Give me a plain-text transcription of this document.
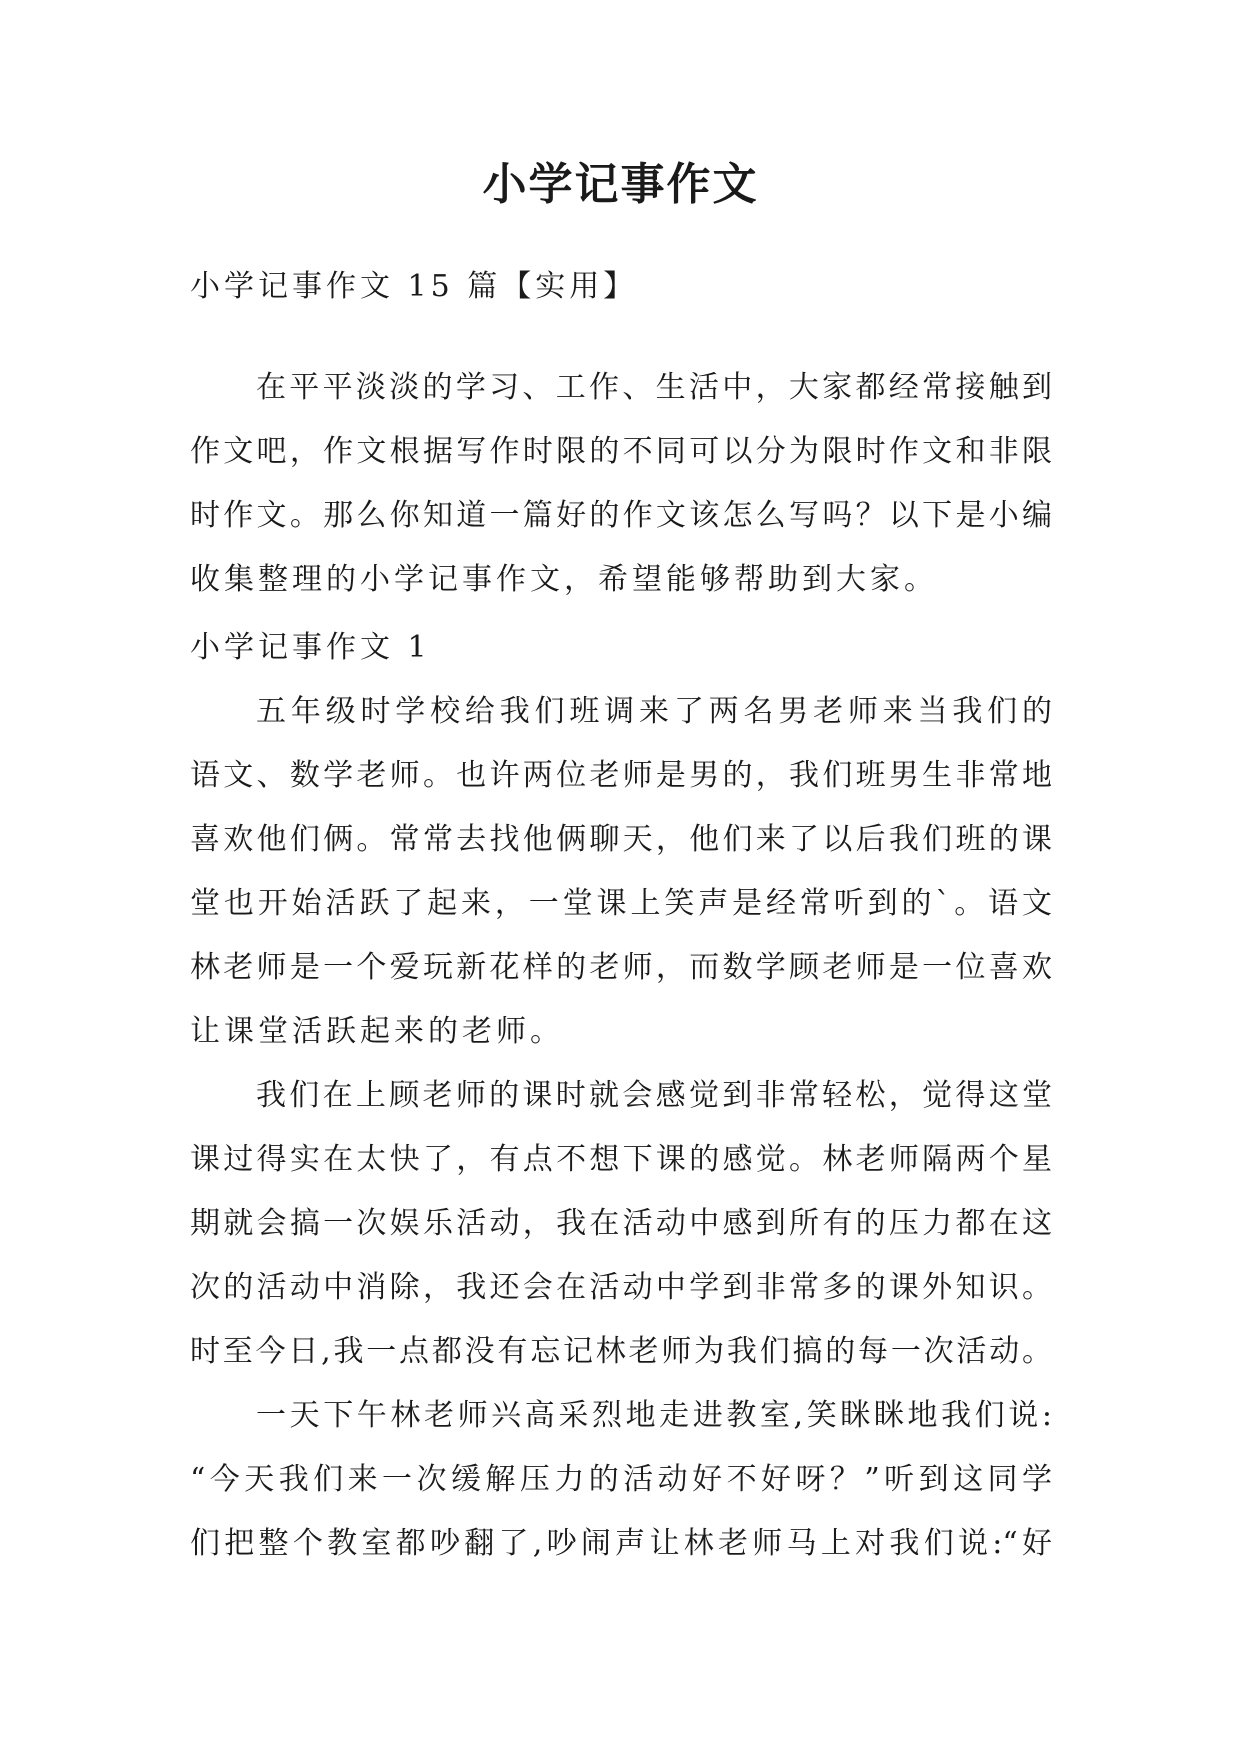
小学记事作文
小学记事作文 15 篇【实用】
在平平淡淡的学习、工作、生活中，大家都经常接触到
作文吧，作文根据写作时限的不同可以分为限时作文和非限
时作文。那么你知道一篇好的作文该怎么写吗？以下是小编
收集整理的小学记事作文，希望能够帮助到大家。
小学记事作文 1
五年级时学校给我们班调来了两名男老师来当我们的
语文、数学老师。也许两位老师是男的，我们班男生非常地
喜欢他们俩。常常去找他俩聊天，他们来了以后我们班的课
堂也开始活跃了起来，一堂课上笑声是经常听到的`。语文
林老师是一个爱玩新花样的老师，而数学顾老师是一位喜欢
让课堂活跃起来的老师。
我们在上顾老师的课时就会感觉到非常轻松，觉得这堂
课过得实在太快了，有点不想下课的感觉。林老师隔两个星
期就会搞一次娱乐活动，我在活动中感到所有的压力都在这
次的活动中消除，我还会在活动中学到非常多的课外知识。
时至今日,我一点都没有忘记林老师为我们搞的每一次活动。
一天下午林老师兴高采烈地走进教室,笑眯眯地我们说:
“今天我们来一次缓解压力的活动好不好呀？”听到这同学
们把整个教室都吵翻了,吵闹声让林老师马上对我们说:“好
